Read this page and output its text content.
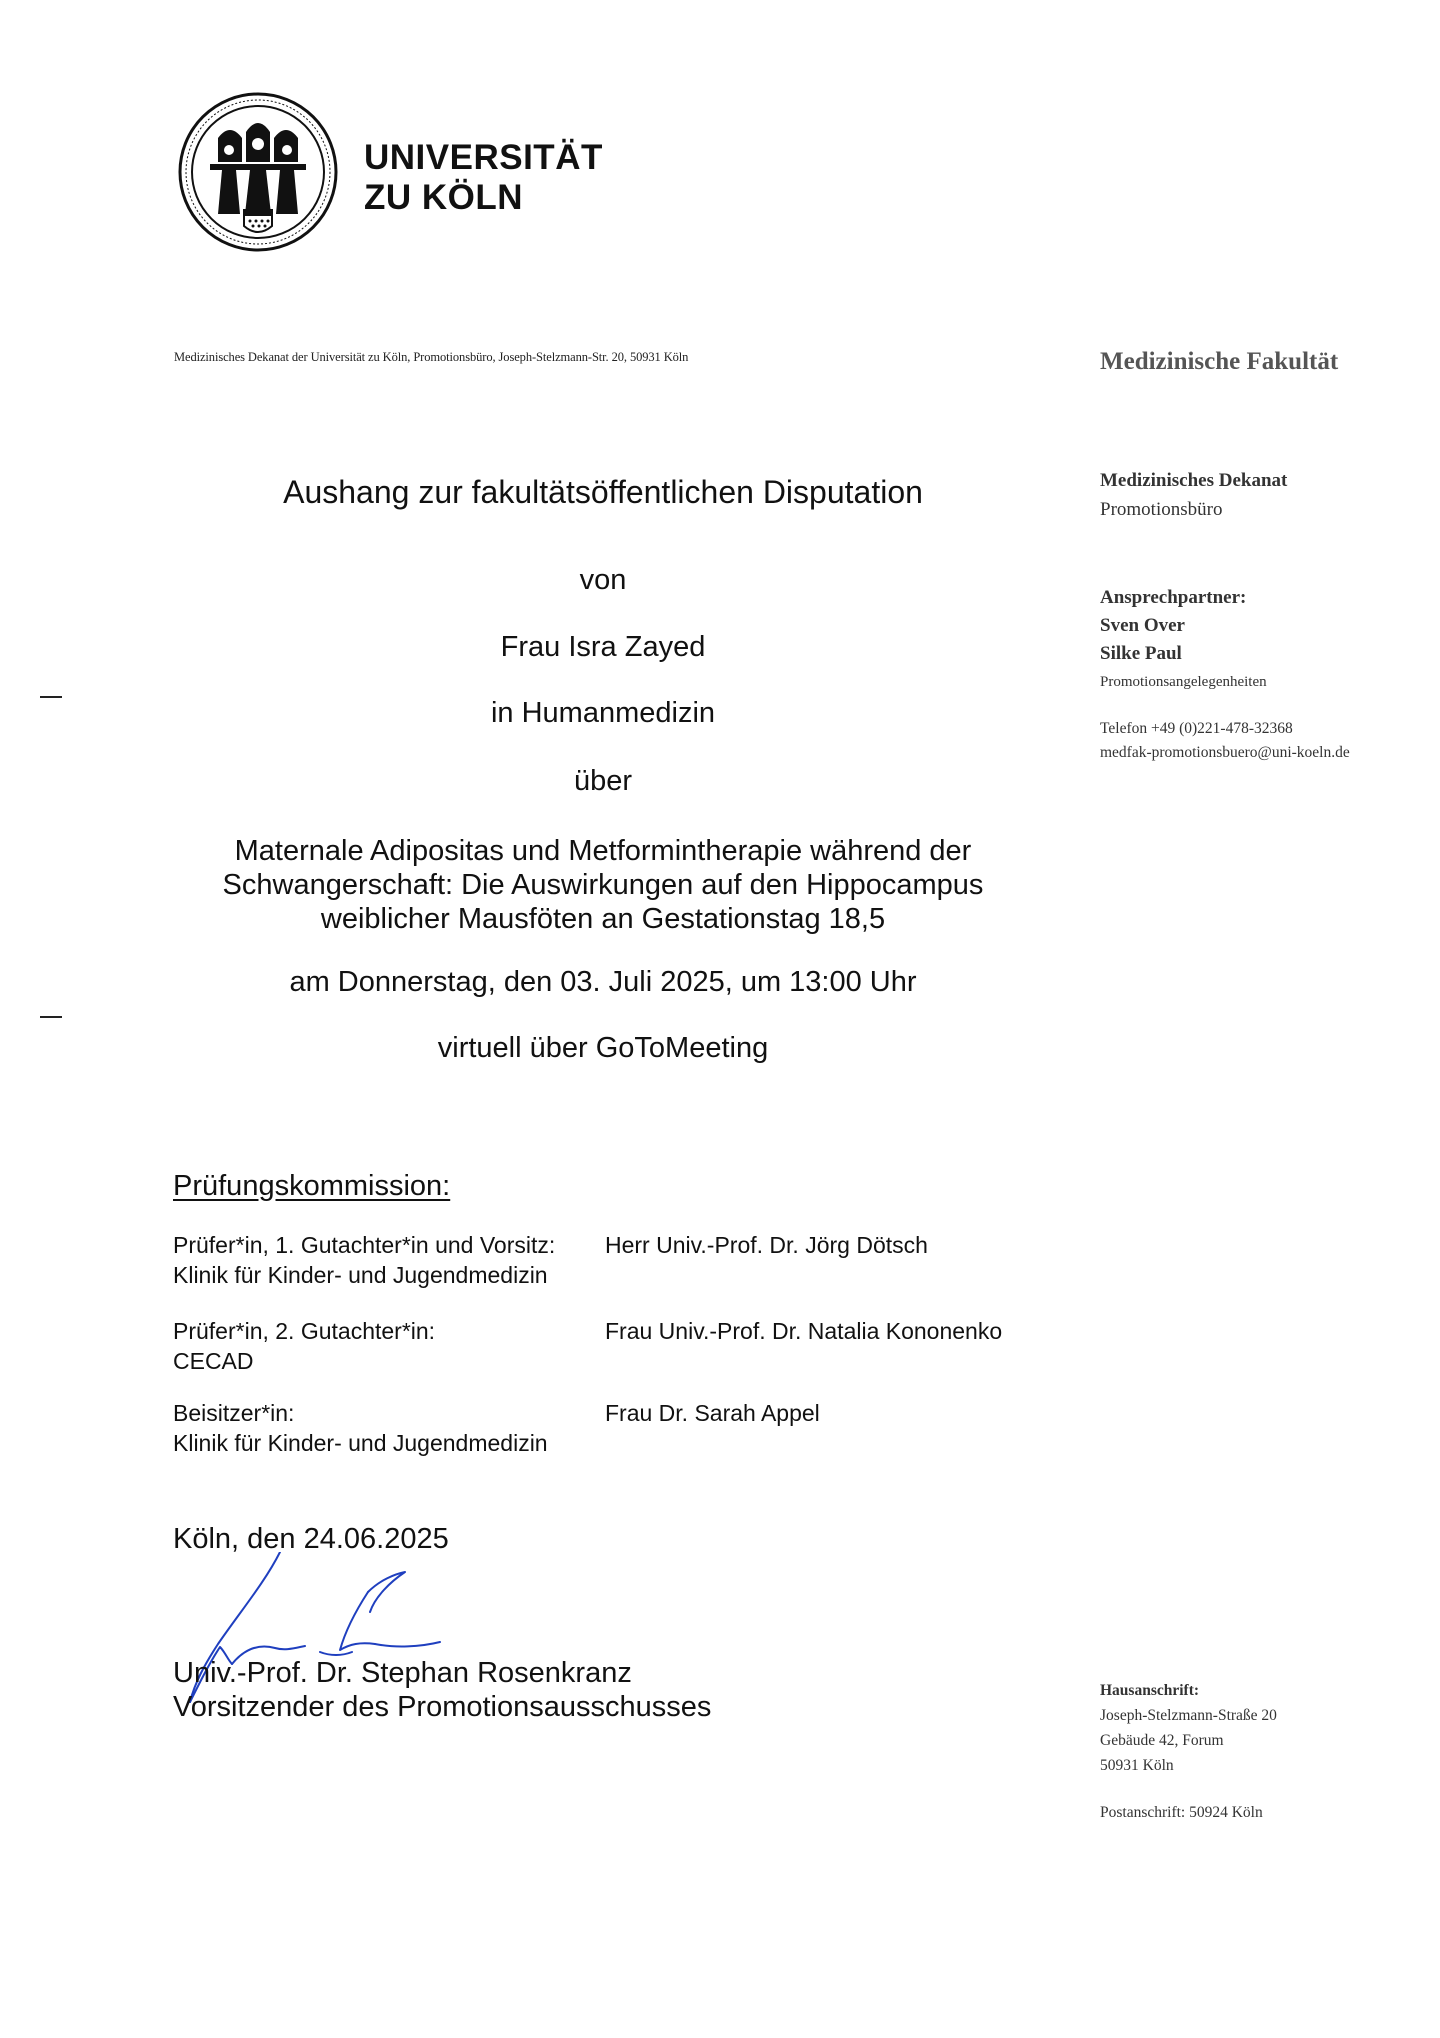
UNIVERSITÄT
ZU KÖLN
Medizinisches Dekanat der Universität zu Köln, Promotionsbüro, Joseph-Stelzmann-Str. 20, 50931 Köln	Medizinische Fakultät
Medizinisches Dekanat
Promotionsbüro
Ansprechpartner:
Sven Over
Silke Paul
Promotionsangelegenheiten
Telefon +49 (0)221-478-32368
medfak-promotionsbuero@uni-koeln.de
Hausanschrift:
Joseph-Stelzmann-Straße 20
Gebäude 42, Forum
50931 Köln
Postanschrift: 50924 Köln
Aushang zur fakultätsöffentlichen Disputation
von
Frau Isra Zayed
in Humanmedizin
über
Maternale Adipositas und Metformintherapie während der
Schwangerschaft: Die Auswirkungen auf den Hippocampus
weiblicher Mausföten an Gestationstag 18,5
am Donnerstag, den 03. Juli 2025, um 13:00 Uhr
virtuell über GoToMeeting
Prüfungskommission:
Prüfer*in, 1. Gutachter*in und Vorsitz:
Klinik für Kinder- und Jugendmedizin
Herr Univ.-Prof. Dr. Jörg Dötsch
Prüfer*in, 2. Gutachter*in:
CECAD
Frau Univ.-Prof. Dr. Natalia Kononenko
Beisitzer*in:
Klinik für Kinder- und Jugendmedizin
Frau Dr. Sarah Appel
Köln, den 24.06.2025
Univ.-Prof. Dr. Stephan Rosenkranz
Vorsitzender des Promotionsausschusses
